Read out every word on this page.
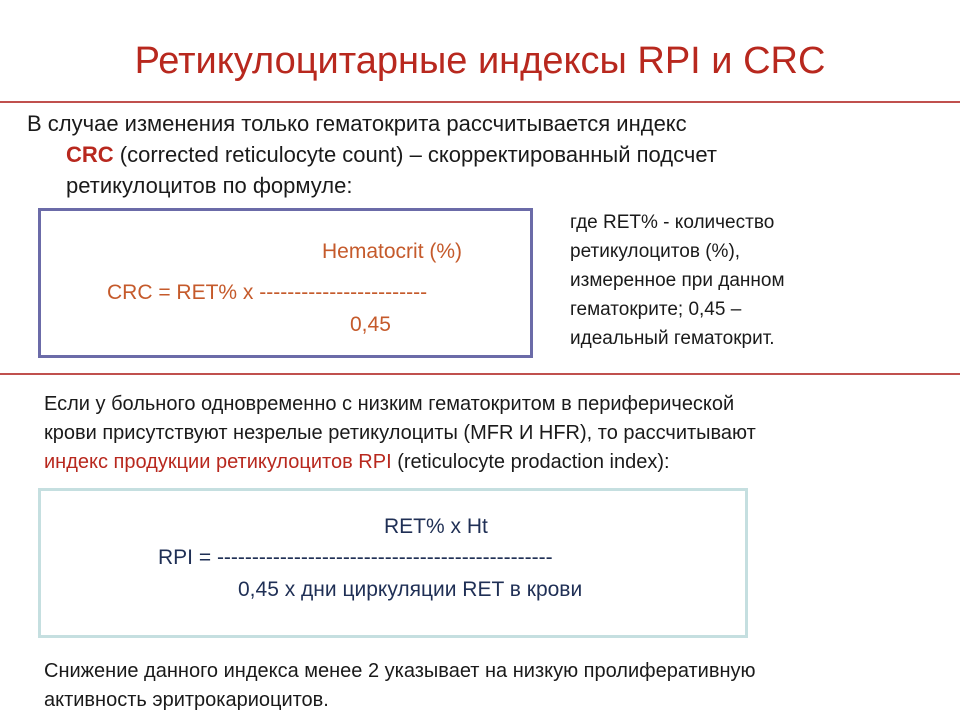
Ретикулоцитарные индексы RPI и CRC
В случае изменения только гематокрита рассчитывается индекс
CRC (corrected reticulocyte count) – скорректированный подсчет
ретикулоцитов по формуле:
Hematocrit (%)
CRC = RET% x ------------------------
0,45
где RET% - количество
ретикулоцитов (%),
измеренное при данном
гематокрите; 0,45 –
идеальный гематокрит.
Если у больного одновременно с низким гематокритом в периферической
крови присутствуют незрелые ретикулоциты (MFR И HFR), то рассчитывают
индекс продукции ретикулоцитов RPI (reticulocyte prodaction index):
RET% x Ht
RPI = ------------------------------------------------
0,45 x дни циркуляции RET в крови
Снижение данного индекса менее 2 указывает на низкую пролиферативную
активность эритрокариоцитов.
